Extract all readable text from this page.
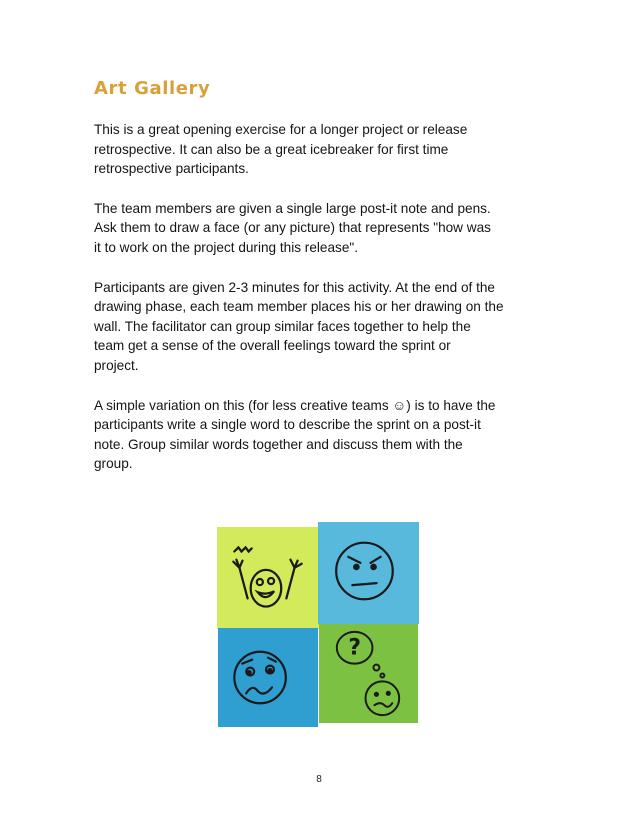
Art Gallery

This is a great opening exercise for a longer project or release
retrospective. It can also be a great icebreaker for first time
retrospective participants.

The team members are given a single large post-it note and pens.
Ask them to draw a face (or any picture) that represents "how was
it to work on the project during this release".

Participants are given 2-3 minutes for this activity. At the end of the
drawing phase, each team member places his or her drawing on the
wall. The facilitator can group similar faces together to help the
team get a sense of the overall feelings toward the sprint or
project.

A simple variation on this (for less creative teams ☺) is to have the
participants write a single word to describe the sprint on a post-it
note. Group similar words together and discuss them with the
group.

?
8
